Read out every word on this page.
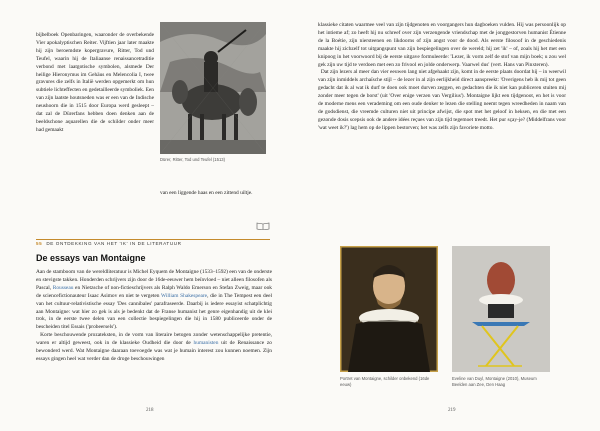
bijbelboek Openbaringen, waaronder de overbekende Vier apokalyptischen Reiter. Vijftien jaar later maakte hij zijn beroemdste kopergravure, Ritter, Tod und Teufel, waarin hij de Italiaanse renaissancetraditie verbond met laatgotische symbolen, alsmede Der heilige Hieronymus im Gehäus en Melencolia I, twee gravures die zelfs in Italië werden opgemerkt om hun subtiele lichteffecten en gedetailleerde symboliek. Een van zijn laatste houtsneden was er een van de Indische neushoorn die in 1515 door Europa werd gesleept – dat zal de Dürerfans hebben doen denken aan de beeldschone aquarellen die de schilder onder meer had gemaakt

Dürer, Ritter, Tod und Teufel (1513)

van een liggende haas en een zittend uiltje.

55 DE ONTDEKKING VAN HET 'IK' IN DE LITERATUUR
De essays van Montaigne
Aan de stamboom van de wereldliteratuur is Michel Eyquem de Montaigne (1533–1592) een van de onderste en stevigste takken. Honderden schrijvers zijn door de 16de-eeuwer hem beïnvloed – niet alleen filosofen als Pascal, Rousseau en Nietzsche of non-fictieschrijvers als Ralph Waldo Emerson en Stefan Zweig, maar ook de sciencefictionauteur Isaac Asimov en niet te vergeten William Shakespeare, die in The Tempest een deel van het cultuur-relativistische essay 'Des cannibales' parafraseerde. Daarbij is iedere essayist schatplichtig aan Montaigne: wat hier zo gek is als je bedenkt dat de Franse humanist het genre eigenhandig uit de klei trok, in de eerste twee delen van een collectie bespiegelingen die hij in 1580 publiceerde onder de bescheiden titel Essais ('probeersels').
Korte beschouwende prozateksten, in de vorm van literaire betogen zonder wetenschappelijke pretentie, waren er altijd geweest, ook in de klassieke Oudheid die door de humanisten uit de Renaissance zo bewonderd werd. Wat Montaigne daaraan toevoegde was wat je humain interest zou kunnen noemen. Zijn essays gingen heel wat verder dan de droge beschouwingen
218
klassieke citaten waarmee veel van zijn tijdgenoten en voorgangers hun dagboeken vulden. Hij was persoonlijk op het intieme af; zo heeft hij nu schreef over zijn verzengende vriendschap met de jonggestorven humanist Étienne de la Boétie, zijn niersteenen en likdoorns of zijn angst voor de dood. Als eerste filosoof in de geschiedenis maakte hij zichzelf tot uitgangspunt van zijn bespiegelingen over de wereld; hij zet 'ik' – of, zoals hij het met een knipoog in het voorwoord bij de eerste uitgave formuleerde: 'Lezer, ik vorm zelf de stof van mijn boek; u zou wel gek zijn uw tijd te verdoen met een zo frivool en jolde onderwerp. Vaarwel dus' (vert. Hans van Pinxteren).
Dat zijn lezers al meer dan vier eeuwen lang niet afgehaakt zijn, komt in de eerste plaats doordat hij – in weerwil van zijn inmiddels archaïsche stijl – de lezer in al zijn eerlijkheid direct aanspreekt: 'Overigens heb ik mij tot geen gedacht dat ik al wat ik durf te doen ook moet durven zeggen, en gedachten die ik niet kan publiceren stuiten mij zonder meer tegen de borst' (uit 'Over enige verzen van Vergilius'). Montaigne lijkt een tijdgenoot, en het is voor de moderne mens een verademing om een oude denker te lezen die stelling neemt tegen wreedheden in naam van de godsdienst, die vreemde culturen niet uit principe afwijst, die spot met het geloof in heksen, en die met een gezonde dosis scepsis ook de andere idées reçues van zijn tijd tegemoet treedt. Het pur sçay-je? (Middelfrans voor 'wat weet ik?') lag hem op de lippen bestorven; het was zelfs zijn favoriete motto.

Portret van Montaigne, schilder onbekend (16de eeuw)

Eveline van Duyl, Montaigne (2010), Museum Beelden aan Zee, Den Haag

219
